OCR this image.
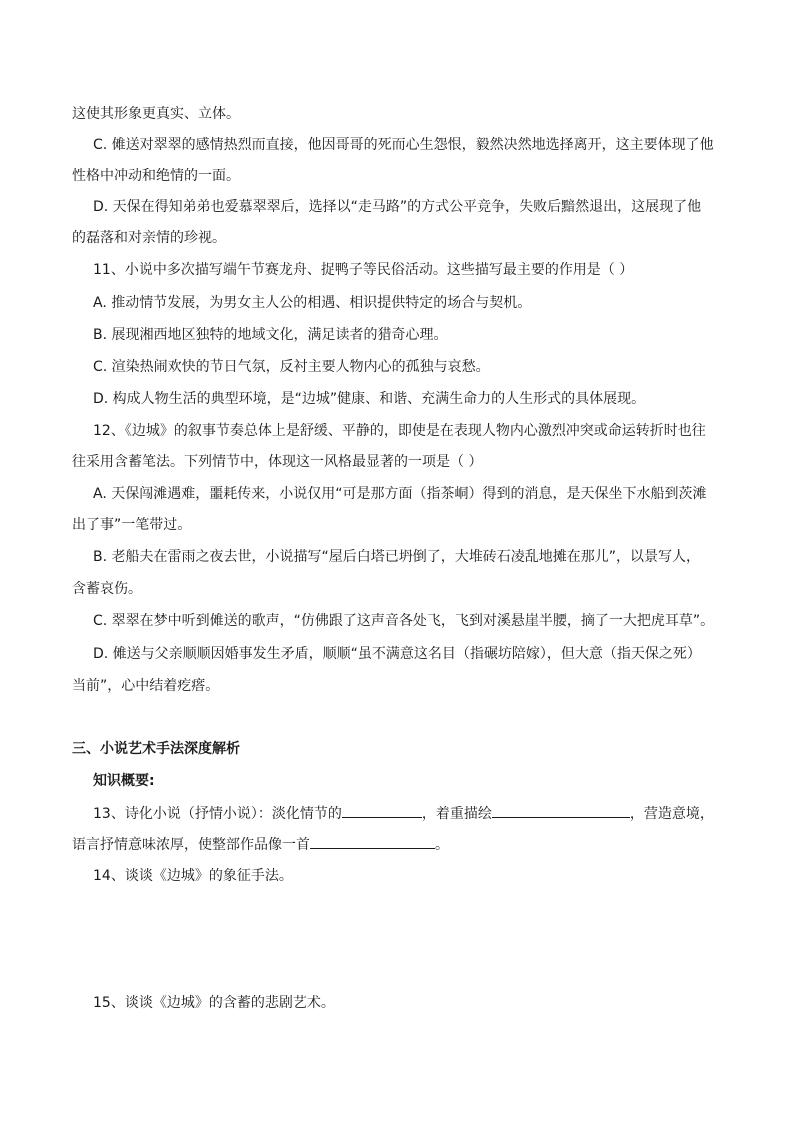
这使其形象更真实、立体。
C. 傩送对翠翠的感情热烈而直接，他因哥哥的死而心生怨恨，毅然决然地选择离开，这主要体现了他
性格中冲动和绝情的一面。
D. 天保在得知弟弟也爱慕翠翠后，选择以“走马路”的方式公平竞争，失败后黯然退出，这展现了他
的磊落和对亲情的珍视。
11、小说中多次描写端午节赛龙舟、捉鸭子等民俗活动。这些描写最主要的作用是（ ）
A. 推动情节发展，为男女主人公的相遇、相识提供特定的场合与契机。
B. 展现湘西地区独特的地域文化，满足读者的猎奇心理。
C. 渲染热闹欢快的节日气氛，反衬主要人物内心的孤独与哀愁。
D. 构成人物生活的典型环境，是“边城”健康、和谐、充满生命力的人生形式的具体展现。
12、《边城》的叙事节奏总体上是舒缓、平静的，即使是在表现人物内心激烈冲突或命运转折时也往
往采用含蓄笔法。下列情节中，体现这一风格最显著的一项是（ ）
A. 天保闯滩遇难，噩耗传来，小说仅用“可是那方面（指茶峒）得到的消息，是天保坐下水船到茨滩
出了事”一笔带过。
B. 老船夫在雷雨之夜去世，小说描写“屋后白塔已坍倒了，大堆砖石凌乱地摊在那儿”，以景写人，
含蓄哀伤。
C. 翠翠在梦中听到傩送的歌声，“仿佛跟了这声音各处飞，飞到对溪悬崖半腰，摘了一大把虎耳草”。
D. 傩送与父亲顺顺因婚事发生矛盾，顺顺“虽不满意这名目（指碾坊陪嫁），但大意（指天保之死）
当前”，心中结着疙瘩。
三、小说艺术手法深度解析
知识概要:
13、诗化小说（抒情小说）：淡化情节的	，着重描绘	，营造意境，
语言抒情意味浓厚，使整部作品像一首	。
14、谈谈《边城》的象征手法。
15、谈谈《边城》的含蓄的悲剧艺术。
